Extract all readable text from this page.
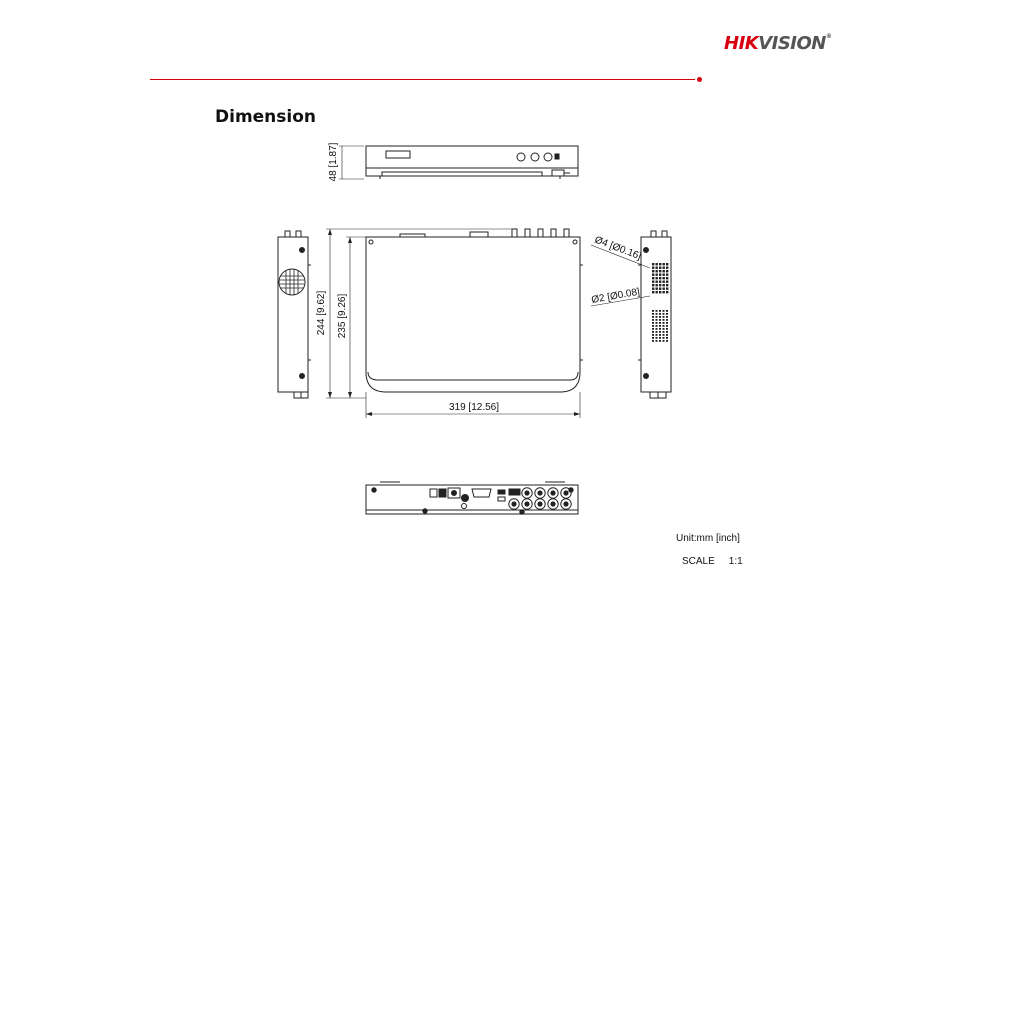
HIKVISION®
Dimension
48 [1.87]
244 [9.62] 235 [9.26]
319 [12.56]
Ø4 [Ø0.16]
Ø2 [Ø0.08]
Unit:mm [inch]
SCALE 1:1
